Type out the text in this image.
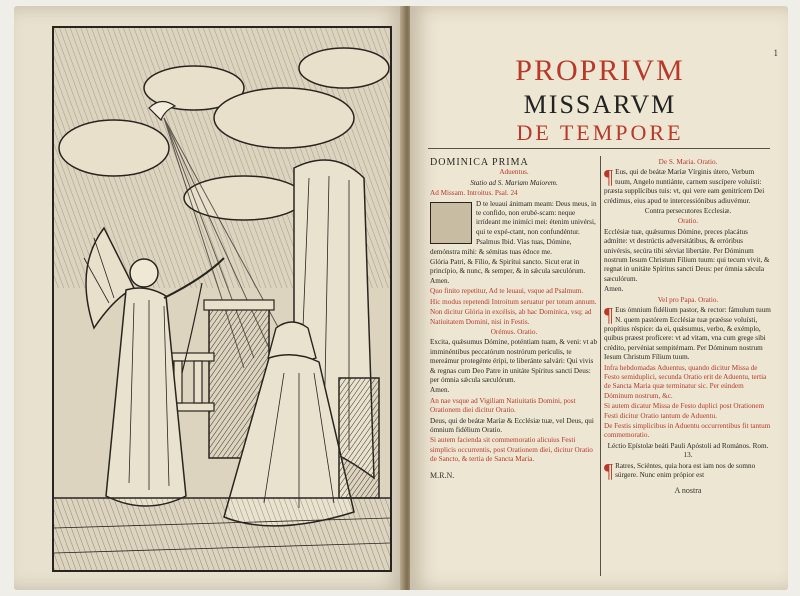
1
PROPRIVM
MISSARVM
DE TEMPORE

DOMINICA PRIMA

Aduentus.

Statio ad S. Mariam Maiorem.

Ad Missam. Introitus. Psal. 24

D te leuaui ánimam meam: Deus meus, in te confido, non erubé-scam: neque irrídeant me inimíci mei: étenim univérsi, qui te expé-ctant, non confundéntur.

Psalmus Ibid. Vias tuas, Dómine, demónstra mihi: & sémitas tuas édoce me.

Glória Patri, & Fílio, & Spirítui sancto. Sicut erat in princípio, & nunc, & semper, & in sǽcula sæculórum. Amen.

Quo finito repetitur, Ad te leuaui, vsque ad Psalmum.

Hic modus repetendi Introitum seruatur per totum annum.

Non dicitur Glória in excélsis, ab hac Dominica, vsq; ad Natiuitatem Domini, nisi in Festis.

Orémus. Oratio.

Excita, quǽsumus Dómine, poténtiam tuam, & veni: vt ab imminéntibus peccatórum nostrórum perículis, te mereámur protegénte éripi, te liberánte salvári: Qui vivis & regnas cum Deo Patre in unitáte Spíritus sancti Deus: per ómnia sǽcula sæculórum.

Amen.

An nae vsque ad Vigiliam Natiuitatis Domini, post Orationem diei dicitur Oratio.

Deus, qui de beátæ Maríæ & Ecclésiæ tuæ, vel Deus, qui ómnium fidélium Oratio.

Si autem facienda sit commemoratio alicuius Festi simplicis occurrentis, post Orationem diei, dicitur Oratio de Sancto, & tertia de Sancta Maria.

M.R.N.

De S. Maria. Oratio.

¶ Eus, qui de beátæ Maríæ Vírginis útero, Verbum tuum, Angelo nuntiánte, carnem suscípere voluísti: præsta supplícibus tuis: vt, qui vere eam genitrícem Dei crédimus, eius apud te intercessiónibus adiuvémur.

Contra persecutores Ecclesiæ.

Oratio.

Ecclésiæ tuæ, quǽsumus Dómine, preces placátus admítte: vt destrúctis adversitátibus, & erróribus univérsis, secúra tibi sérviat libertáte. Per Dóminum nostrum Iesum Christum Fílium tuum: qui tecum vivit, & regnat in unitáte Spíritus sancti Deus: per ómnia sǽcula sæculórum.

Amen.

Vel pro Papa. Oratio.

¶ Eus ómnium fidélium pastor, & rector: fámulum tuum N. quem pastórem Ecclésiæ tuæ præésse voluísti, propítius réspice: da ei, quǽsumus, verbo, & exémplo, quibus præest profícere: vt ad vitam, vna cum grege sibi crédito, pervéniat sempitérnam. Per Dóminum nostrum Iesum Christum Fílium tuum.

Infra hebdomadas Aduentus, quando dicitur Missa de Festo semiduplici, secunda Oratio erit de Aduentu, tertia de Sancta Maria quæ terminatur sic. Per eúndem Dóminum nostrum, &c.

Si autem dicatur Missa de Festo duplici post Orationem Festi dicitur Oratio tantum de Aduentu.

De Festis simplicibus in Aduentu occurrentibus fit tantum commemoratio.

Léctio Epístolæ beáti Pauli Apóstoli ad Romános. Rom. 13.

¶ Ratres, Sciéntes, quia hora est iam nos de somno súrgere. Nunc enim própior est

A nostra
